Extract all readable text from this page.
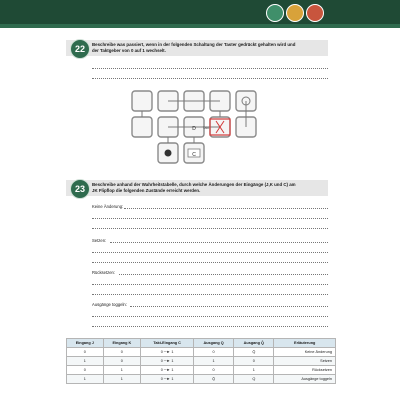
22 Beschreibe was passiert, wenn in der folgenden Schaltung der Taster gedrückt gehalten wird und
der Taktgeber von 0 auf 1 wechselt.
D
C
Takt
23 Beschreibe anhand der Wahrheitstabelle, durch welche Änderungen der Eingänge (J,K und C) am
JK Flipflop die folgenden Zustände erreicht werden.
Keine Änderung:
Setzen:
Rücksetzen:
Ausgänge toggeln:
Eingang J	Eingang K	Takt-Eingang C	Ausgang Q	Ausgang Q̄	Erläuterung
0	0	0 ─► 1	0	Q̄	Keine Änderung
1	0	0 ─► 1	1	0	Setzen
0	1	0 ─► 1	0	1	Rücksetzen
1	1	0 ─► 1	Q̄	Q	Ausgänge toggeln
